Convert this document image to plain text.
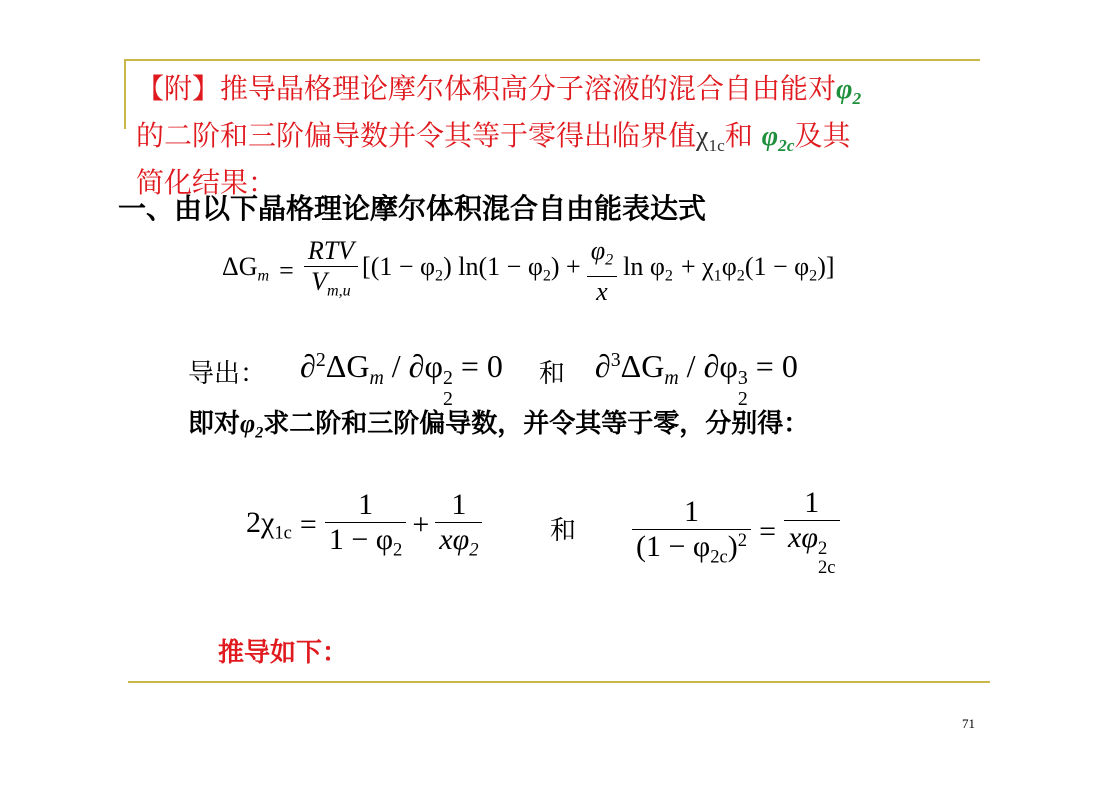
【附】推导晶格理论摩尔体积高分子溶液的混合自由能对$\varphi_2$
的二阶和三阶偏导数并令其等于零得出临界值$\chi_{1c}$和 $\varphi_{2c}$及其
简化结果：
一、由以下晶格理论摩尔体积混合自由能表达式
$\Delta G_m = \frac{\text{RTV}}{V_{m,u}} [(1 - \varphi_2) \ln(1 - \varphi_2) + \frac{\varphi_2}{x}$ $\ln \varphi_2 + \chi_1\varphi_2(1 - \varphi_2)$]
导出： $\partial^2\Delta G_m / \partial\varphi$ 2
2
= 0 和 $\partial^3\Delta G_m / \partial\varphi$ 3
2
= 0
即对$\varphi_2$求二阶和三阶偏导数，并令其等于零，分别得：
$2\chi_{1c} = \frac{1}{1 - \varphi_2} + \frac{1}{x\varphi_2}$	和 $\frac{1}{(1 - \varphi_{2c})^2} = 1$
xφ 2
2c
推导如下：
71
